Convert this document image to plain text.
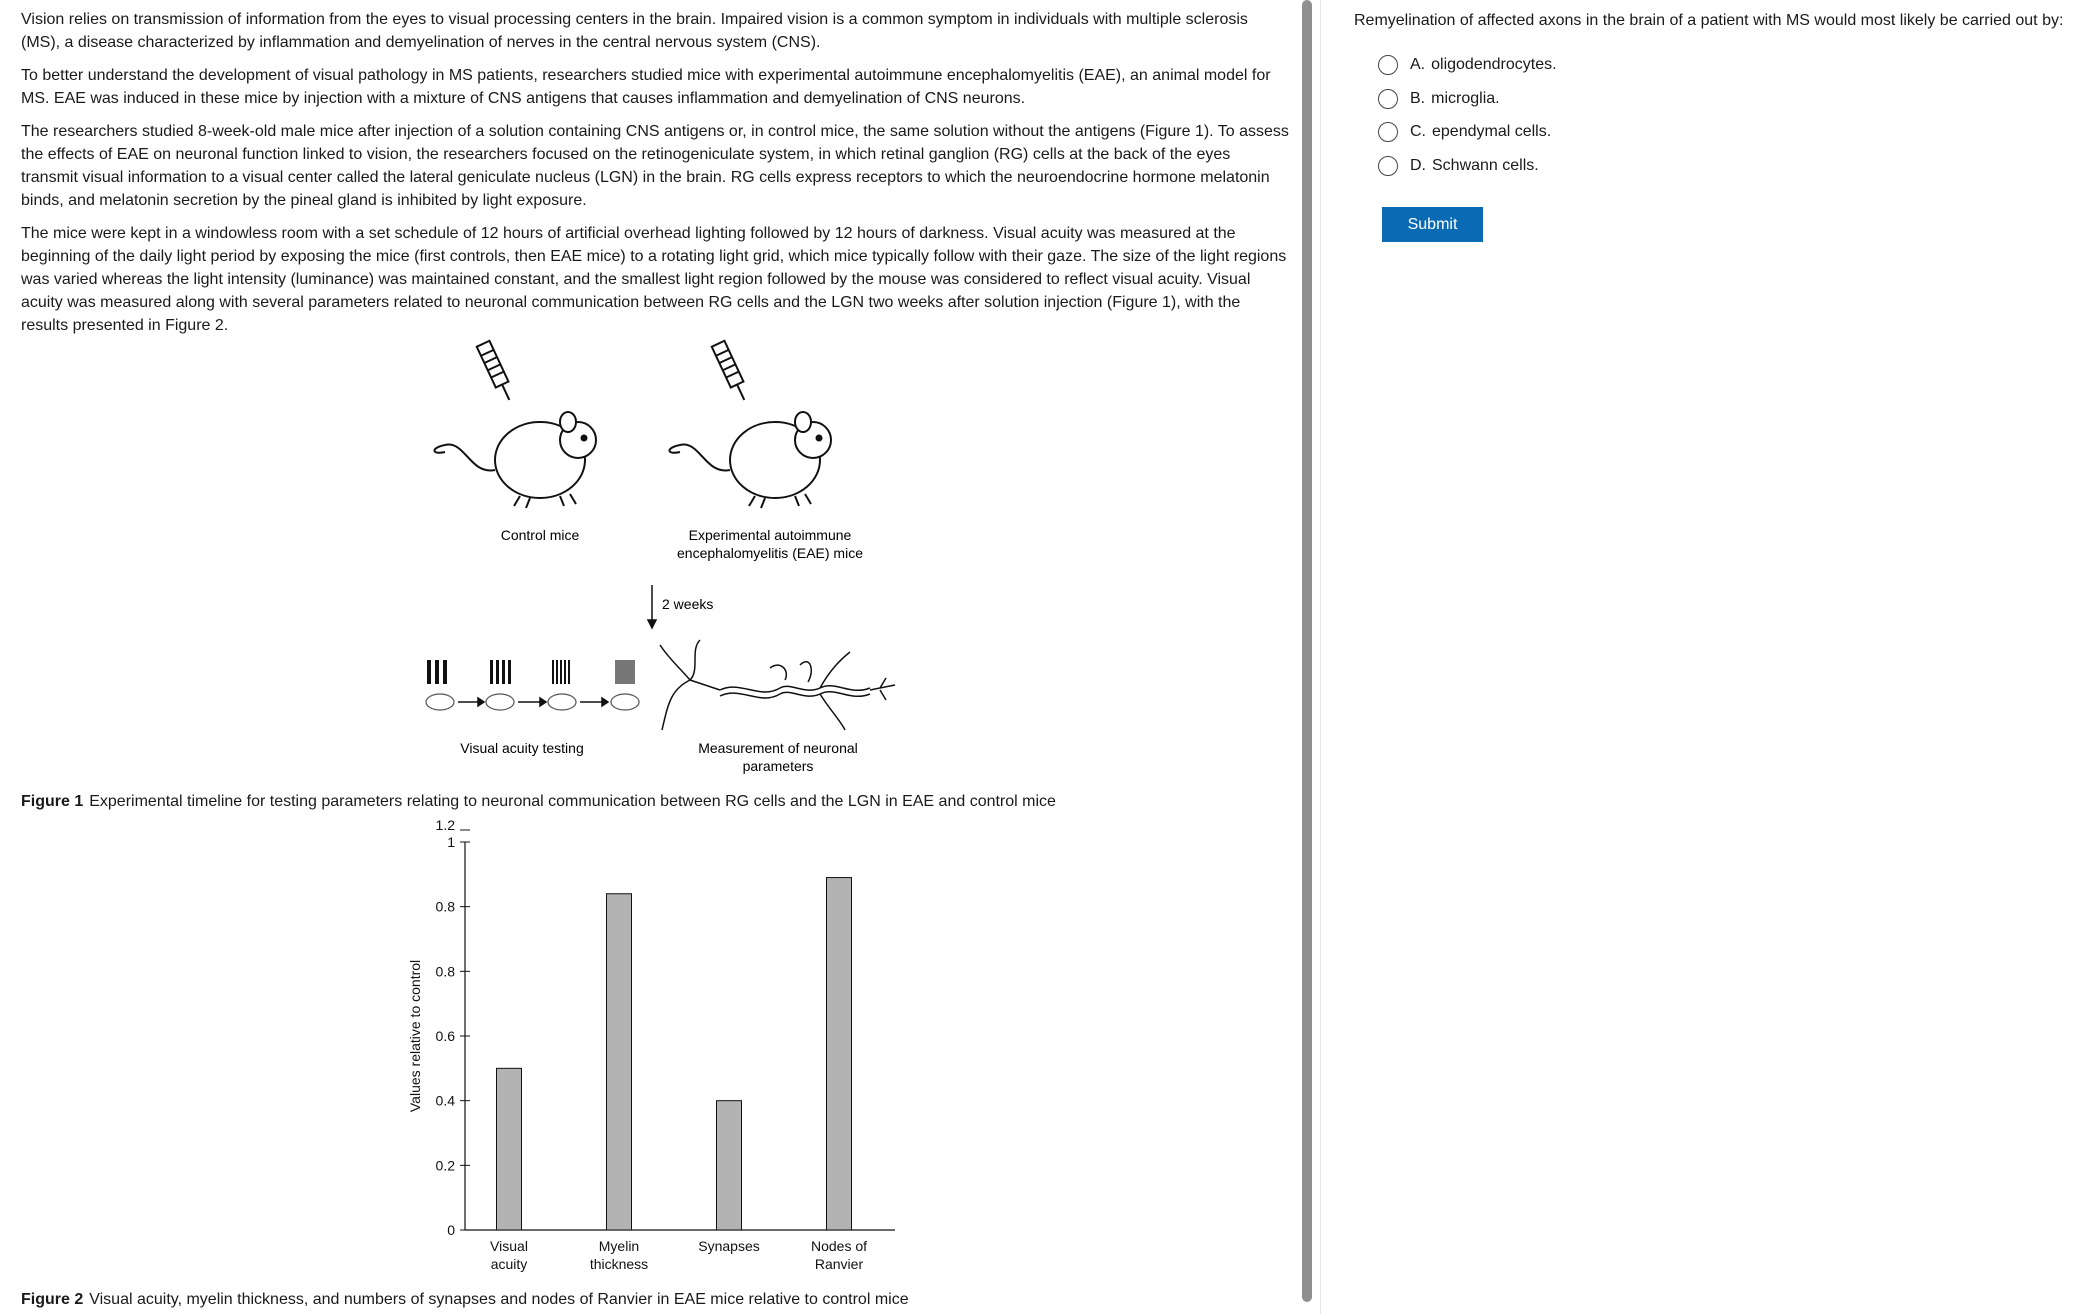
Vision relies on transmission of information from the eyes to visual processing centers in the brain. Impaired vision is a common symptom in individuals with multiple sclerosis (MS), a disease characterized by inflammation and demyelination of nerves in the central nervous system (CNS).

To better understand the development of visual pathology in MS patients, researchers studied mice with experimental autoimmune encephalomyelitis (EAE), an animal model for MS. EAE was induced in these mice by injection with a mixture of CNS antigens that causes inflammation and demyelination of CNS neurons.

The researchers studied 8-week-old male mice after injection of a solution containing CNS antigens or, in control mice, the same solution without the antigens (Figure 1). To assess the effects of EAE on neuronal function linked to vision, the researchers focused on the retinogeniculate system, in which retinal ganglion (RG) cells at the back of the eyes transmit visual information to a visual center called the lateral geniculate nucleus (LGN) in the brain. RG cells express receptors to which the neuroendocrine hormone melatonin binds, and melatonin secretion by the pineal gland is inhibited by light exposure.

The mice were kept in a windowless room with a set schedule of 12 hours of artificial overhead lighting followed by 12 hours of darkness. Visual acuity was measured at the beginning of the daily light period by exposing the mice (first controls, then EAE mice) to a rotating light grid, which mice typically follow with their gaze. The size of the light regions was varied whereas the light intensity (luminance) was maintained constant, and the smallest light region followed by the mouse was considered to reflect visual acuity. Visual acuity was measured along with several parameters related to neuronal communication between RG cells and the LGN two weeks after solution injection (Figure 1), with the results presented in Figure 2.

Control mice	Experimental autoimmune
encephalomyelitis (EAE) mice
2 weeks
Visual acuity testing	Measurement of neuronal
parameters
Figure 1 Experimental timeline for testing parameters relating to neuronal communication between RG cells and the LGN in EAE and control mice
0
0.2
0.4
0.6
0.8
0.8
1
1.2
Values relative to control
Visual
acuity
Myelin
thickness
Synapses	Nodes of
Ranvier
Figure 2 Visual acuity, myelin thickness, and numbers of synapses and nodes of Ranvier in EAE mice relative to control mice
Remyelination of affected axons in the brain of a patient with MS would most likely be carried out by:
A. oligodendrocytes.
B. microglia.
C. ependymal cells.
D. Schwann cells.
Submit
